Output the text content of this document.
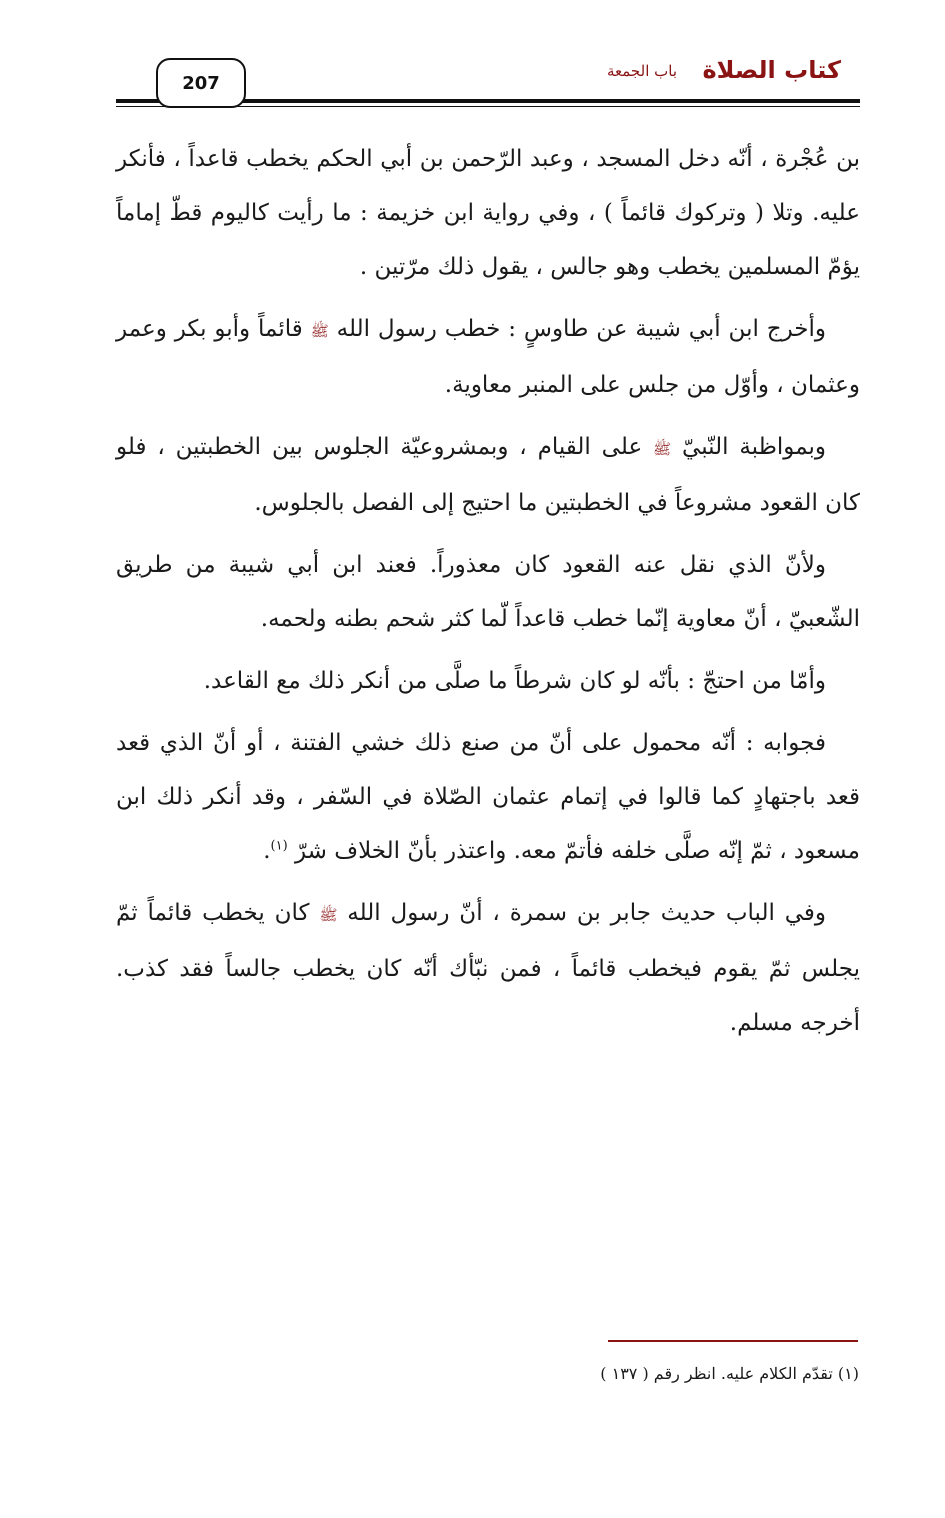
كتاب الصلاة
باب الجمعة
207

بن عُجْرة ، أنّه دخل المسجد ، وعبد الرّحمن بن أبي الحكم يخطب قاعداً ، فأنكر عليه. وتلا ( وتركوك قائماً ) ، وفي رواية ابن خزيمة : ما رأيت كاليوم قطّ إماماً يؤمّ المسلمين يخطب وهو جالس ، يقول ذلك مرّتين .

وأخرج ابن أبي شيبة عن طاوسٍ : خطب رسول الله ﷺ قائماً وأبو بكر وعمر وعثمان ، وأوّل من جلس على المنبر معاوية.

وبمواظبة النّبيّ ﷺ على القيام ، وبمشروعيّة الجلوس بين الخطبتين ، فلو كان القعود مشروعاً في الخطبتين ما احتيج إلى الفصل بالجلوس.

ولأنّ الذي نقل عنه القعود كان معذوراً. فعند ابن أبي شيبة من طريق الشّعبيّ ، أنّ معاوية إنّما خطب قاعداً لّما كثر شحم بطنه ولحمه.

وأمّا من احتجّ : بأنّه لو كان شرطاً ما صلَّى من أنكر ذلك مع القاعد.

فجوابه : أنّه محمول على أنّ من صنع ذلك خشي الفتنة ، أو أنّ الذي قعد قعد باجتهادٍ كما قالوا في إتمام عثمان الصّلاة في السّفر ، وقد أنكر ذلك ابن مسعود ، ثمّ إنّه صلَّى خلفه فأتمّ معه. واعتذر بأنّ الخلاف شرّ $^{(١)}$.

وفي الباب حديث جابر بن سمرة ، أنّ رسول الله ﷺ كان يخطب قائماً ثمّ يجلس ثمّ يقوم فيخطب قائماً ، فمن نبّأك أنّه كان يخطب جالساً فقد كذب. أخرجه مسلم.

(١) تقدّم الكلام عليه. انظر رقم ( ١٣٧ )
